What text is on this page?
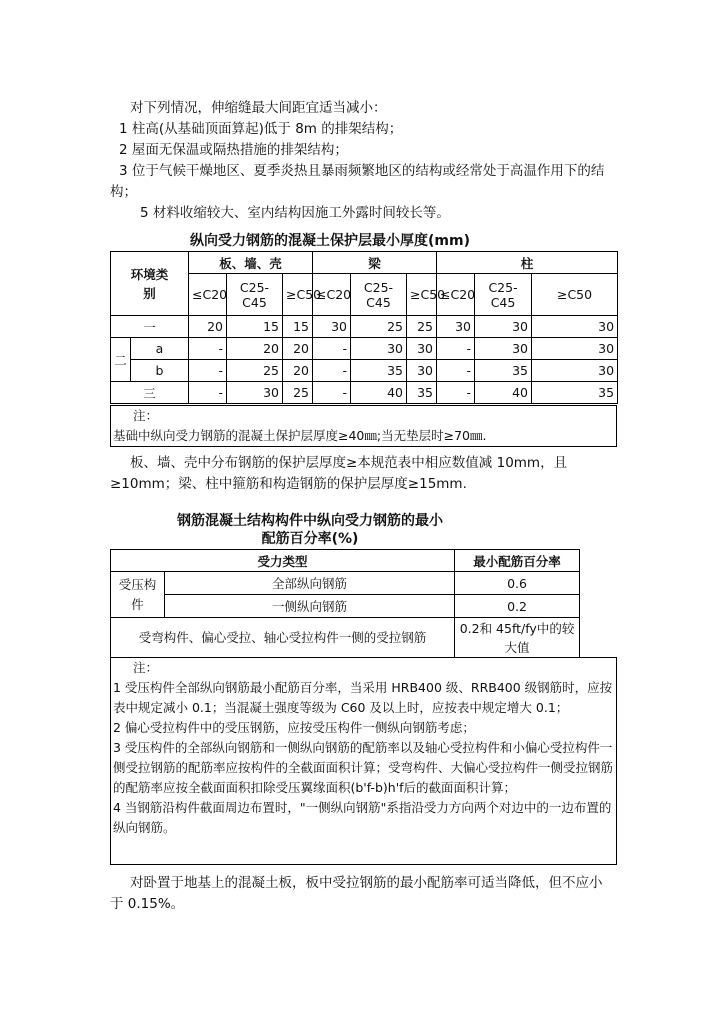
对下列情况，伸缩缝最大间距宜适当减小：

1 柱高(从基础顶面算起)低于 8m 的排架结构；

2 屋面无保温或隔热措施的排架结构；

3 位于气候干燥地区、夏季炎热且暴雨频繁地区的结构或经常处于高温作用下的结构；

5 材料收缩较大、室内结构因施工外露时间较长等。

纵向受力钢筋的混凝土保护层最小厚度(mm)
环境类别		板、墙、壳			梁			柱		
		≤C20	C25-C45	≥C50	≤C20	C25-C45	≥C50	≤C20	C25-C45	≥C50
一		20	15	15	30	25	25	30	30	30
二	a	-	20	20	-	30	30	-	30	30
	b	-	25	20	-	35	30	-	35	30
三		-	30	25	-	40	35	-	40	35
注：
基础中纵向受力钢筋的混凝土保护层厚度≥40㎜;当无垫层时≥70㎜.

板、墙、壳中分布钢筋的保护层厚度≥本规范表中相应数值减 10mm，且≥10mm；梁、柱中箍筋和构造钢筋的保护层厚度≥15mm.

钢筋混凝土结构构件中纵向受力钢筋的最小
配筋百分率(%)
受力类型		最小配筋百分率
受压构件	全部纵向钢筋	0.6
	一侧纵向钢筋	0.2
受弯构件、偏心受拉、轴心受拉构件一侧的受拉钢筋		0.2和 45ft/fy中的较大值
注：
1 受压构件全部纵向钢筋最小配筋百分率，当采用 HRB400 级、RRB400 级钢筋时，应按表中规定减小 0.1；当混凝土强度等级为 C60 及以上时，应按表中规定增大 0.1；
2 偏心受拉构件中的受压钢筋，应按受压构件一侧纵向钢筋考虑；
3 受压构件的全部纵向钢筋和一侧纵向钢筋的配筋率以及轴心受拉构件和小偏心受拉构件一侧受拉钢筋的配筋率应按构件的全截面面积计算；受弯构件、大偏心受拉构件一侧受拉钢筋的配筋率应按全截面面积扣除受压翼缘面积(b'f-b)h'f后的截面面积计算；
4 当钢筋沿构件截面周边布置时，"一侧纵向钢筋"系指沿受力方向两个对边中的一边布置的纵向钢筋。

对卧置于地基上的混凝土板，板中受拉钢筋的最小配筋率可适当降低，但不应小于 0.15%。
